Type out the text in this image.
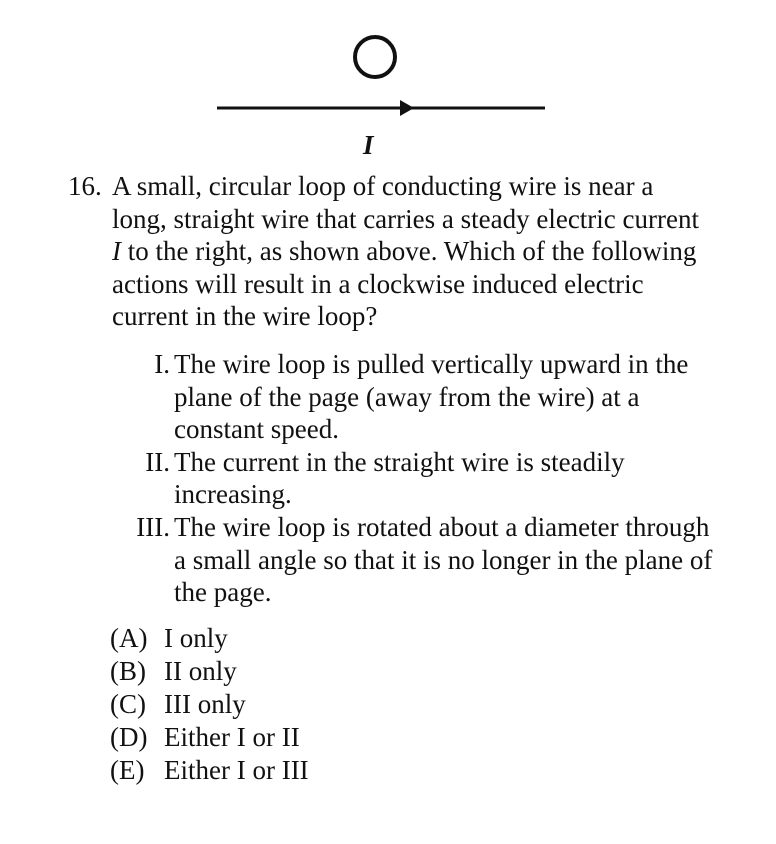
I
16. A small, circular loop of conducting wire is near a long, straight wire that carries a steady electric current I to the right, as shown above. Which of the following actions will result in a clockwise induced electric current in the wire loop?
I. The wire loop is pulled vertically upward in the plane of the page (away from the wire) at a constant speed.
II. The current in the straight wire is steadily increasing.
III. The wire loop is rotated about a diameter through a small angle so that it is no longer in the plane of the page.
(A) I only
(B) II only
(C) III only
(D) Either I or II
(E) Either I or III
